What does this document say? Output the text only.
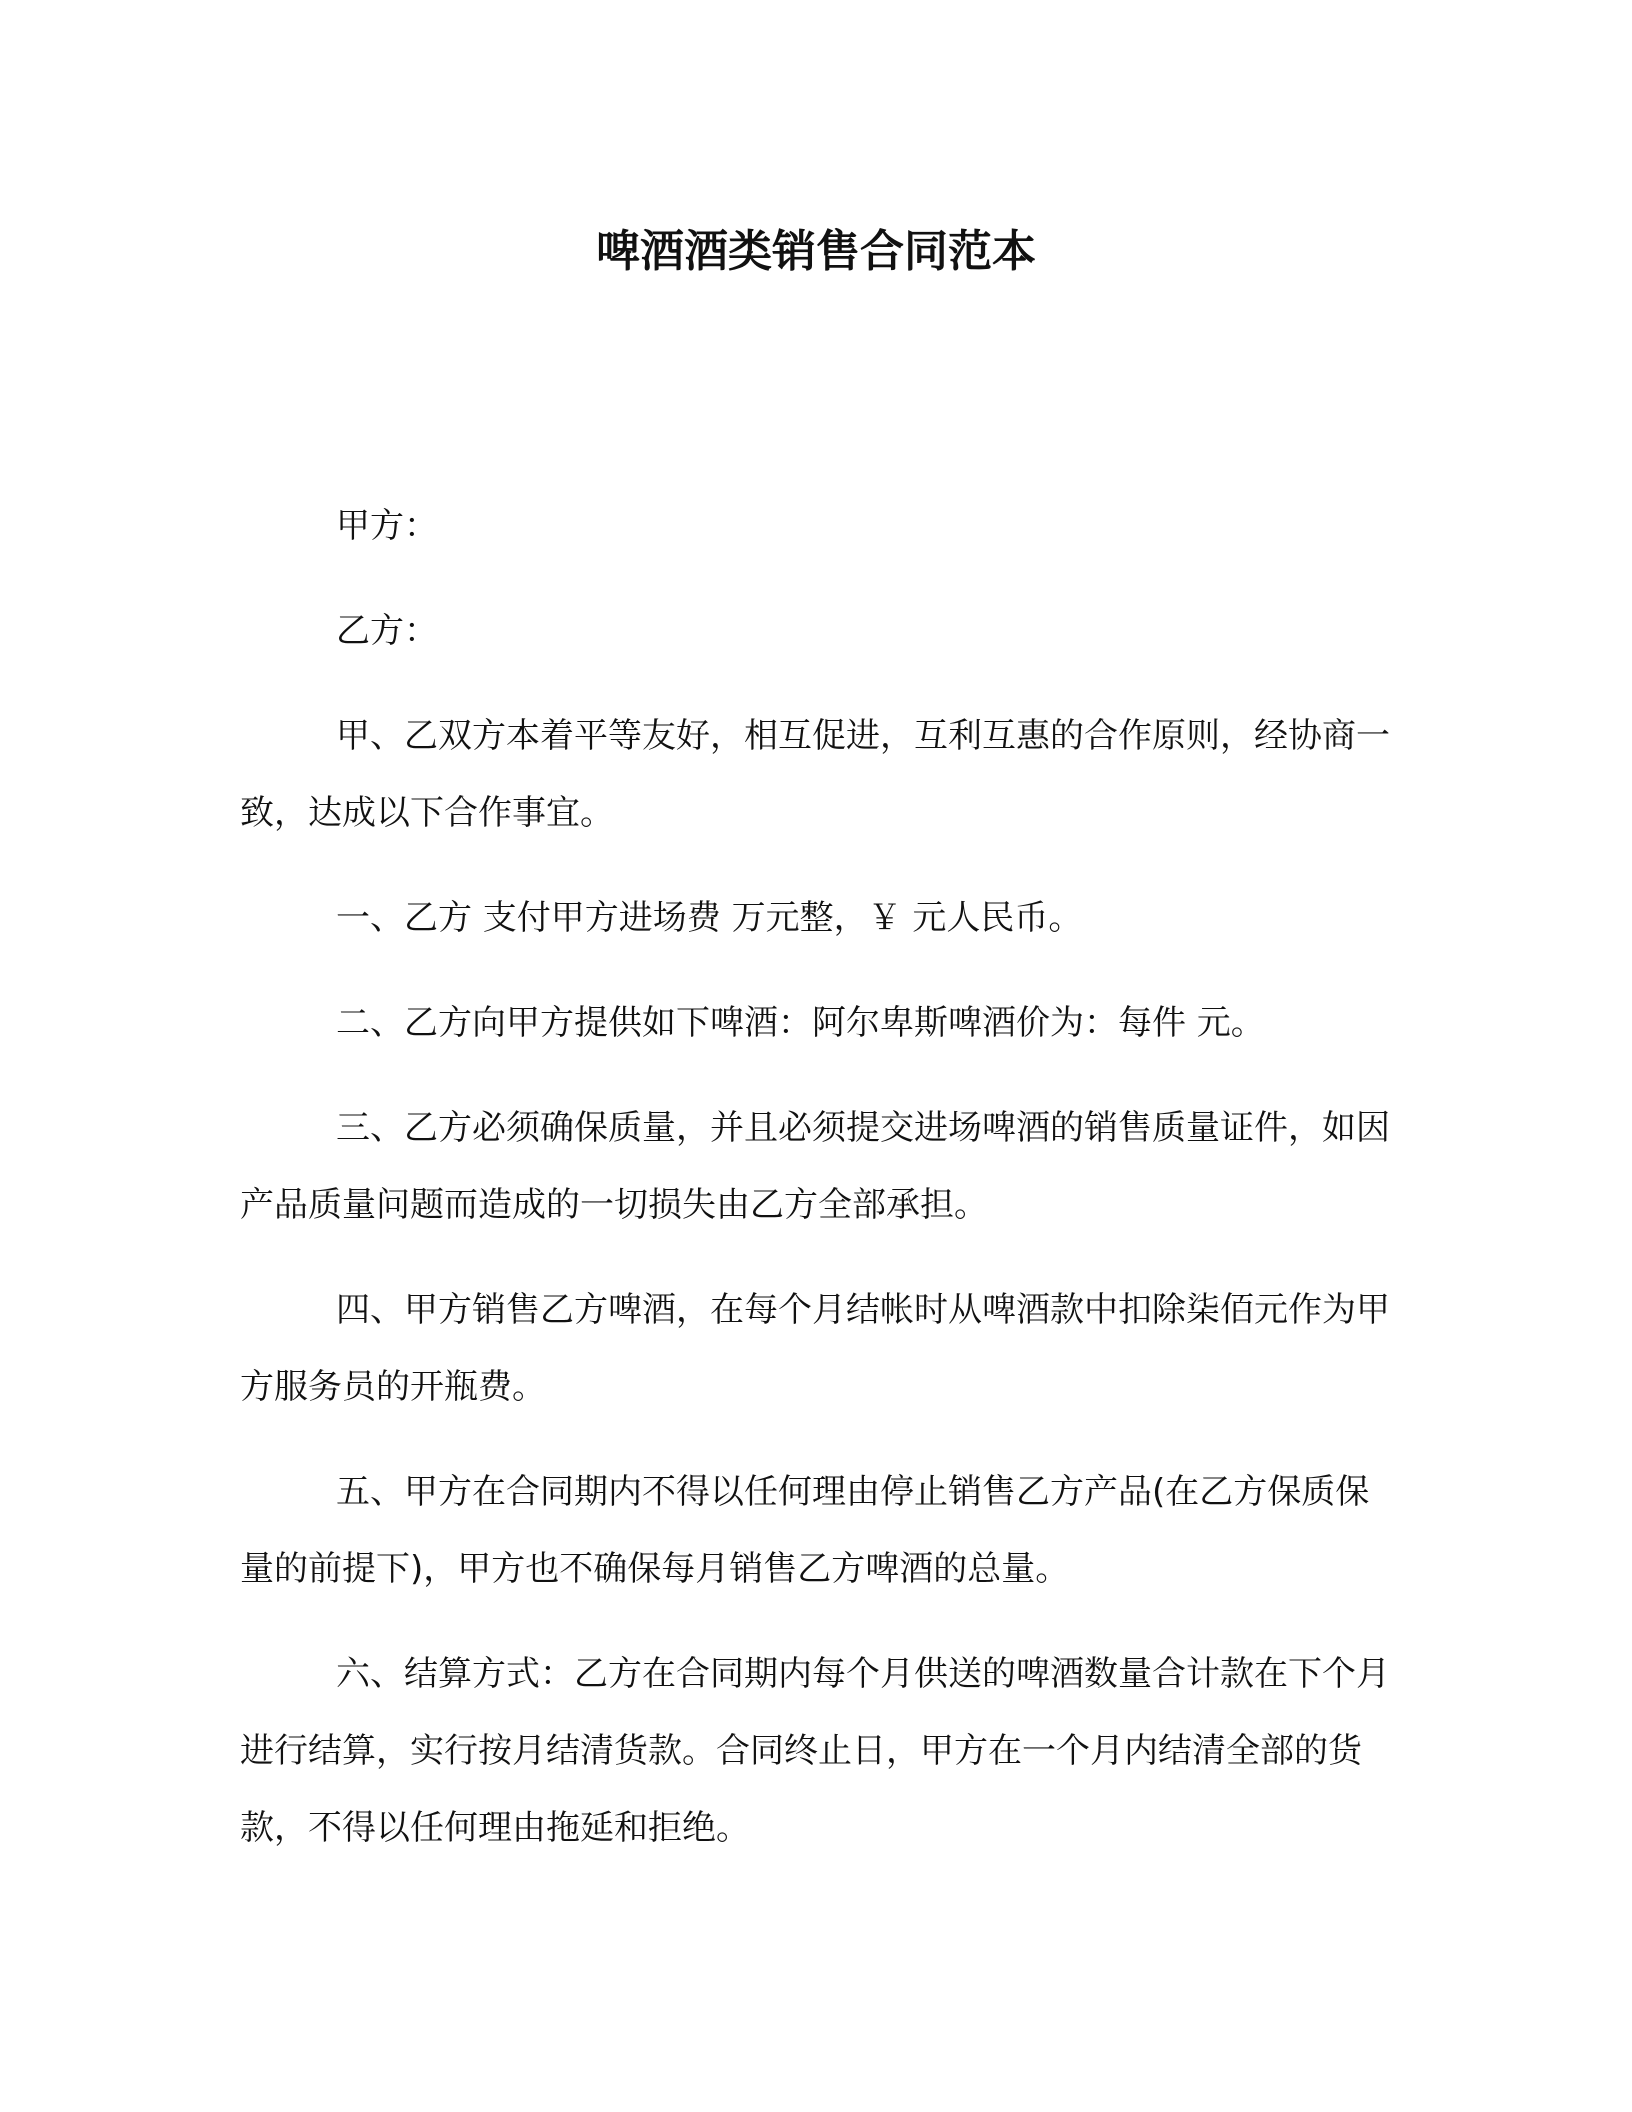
啤酒酒类销售合同范本

甲方：

乙方：

甲、乙双方本着平等友好，相互促进，互利互惠的合作原则，经协商一致，达成以下合作事宜。

一、乙方 支付甲方进场费 万元整，￥ 元人民币。

二、乙方向甲方提供如下啤酒：阿尔卑斯啤酒价为：每件 元。

三、乙方必须确保质量，并且必须提交进场啤酒的销售质量证件，如因产品质量问题而造成的一切损失由乙方全部承担。

四、甲方销售乙方啤酒，在每个月结帐时从啤酒款中扣除柒佰元作为甲方服务员的开瓶费。

五、甲方在合同期内不得以任何理由停止销售乙方产品(在乙方保质保量的前提下)，甲方也不确保每月销售乙方啤酒的总量。

六、结算方式：乙方在合同期内每个月供送的啤酒数量合计款在下个月进行结算，实行按月结清货款。合同终止日，甲方在一个月内结清全部的货款，不得以任何理由拖延和拒绝。
